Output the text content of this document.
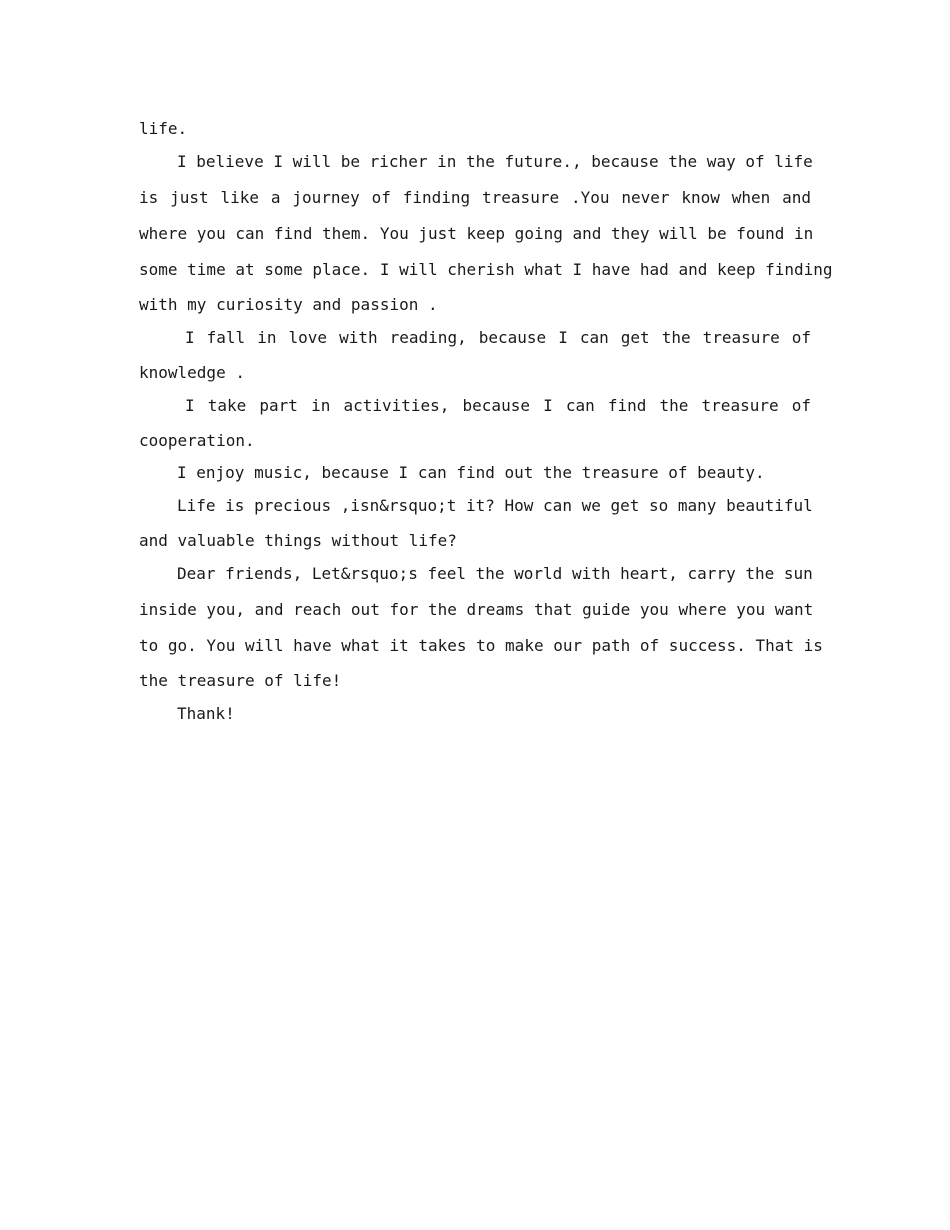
life.
I believe I will be richer in the future., because the way of life
is just like a journey of finding treasure .You never know when and
where you can find them. You just keep going and they will be found in
some time at some place. I will cherish what I have had and keep finding
with my curiosity and passion .
I fall in love with reading, because I can get the treasure of
knowledge .
I take part in activities, because I can find the treasure of
cooperation.
I enjoy music, because I can find out the treasure of beauty.
Life is precious ,isn&rsquo;t it? How can we get so many beautiful
and valuable things without life?
Dear friends, Let&rsquo;s feel the world with heart, carry the sun
inside you, and reach out for the dreams that guide you where you want
to go. You will have what it takes to make our path of success. That is
the treasure of life!
Thank!
